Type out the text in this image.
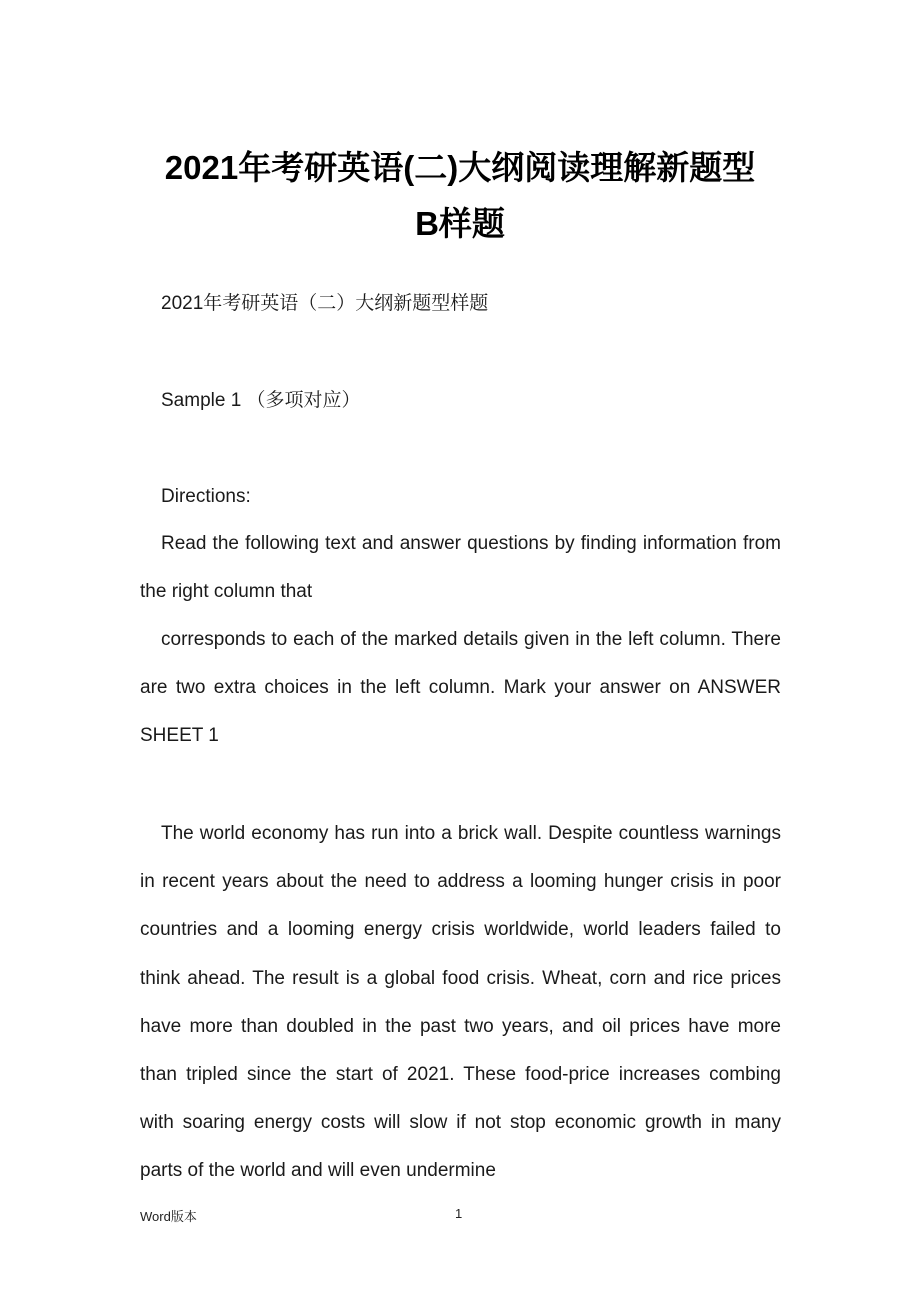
2021年考研英语(二)大纲阅读理解新题型
B样题
2021年考研英语（二）大纲新题型样题
Sample 1 （多项对应）
Directions:
Read the following text and answer questions by finding information from the right column that
corresponds to each of the marked details given in the left column. There are two extra choices in the left column. Mark your answer on ANSWER SHEET 1
The world economy has run into a brick wall. Despite countless warnings in recent years about the need to address a looming hunger crisis in poor countries and a looming energy crisis worldwide, world leaders failed to think ahead. The result is a global food crisis. Wheat, corn and rice prices have more than doubled in the past two years, and oil prices have more than tripled since the start of 2021. These food-price increases combing with soaring energy costs will slow if not stop economic growth in many parts of the world and will even undermine
Word版本	1
